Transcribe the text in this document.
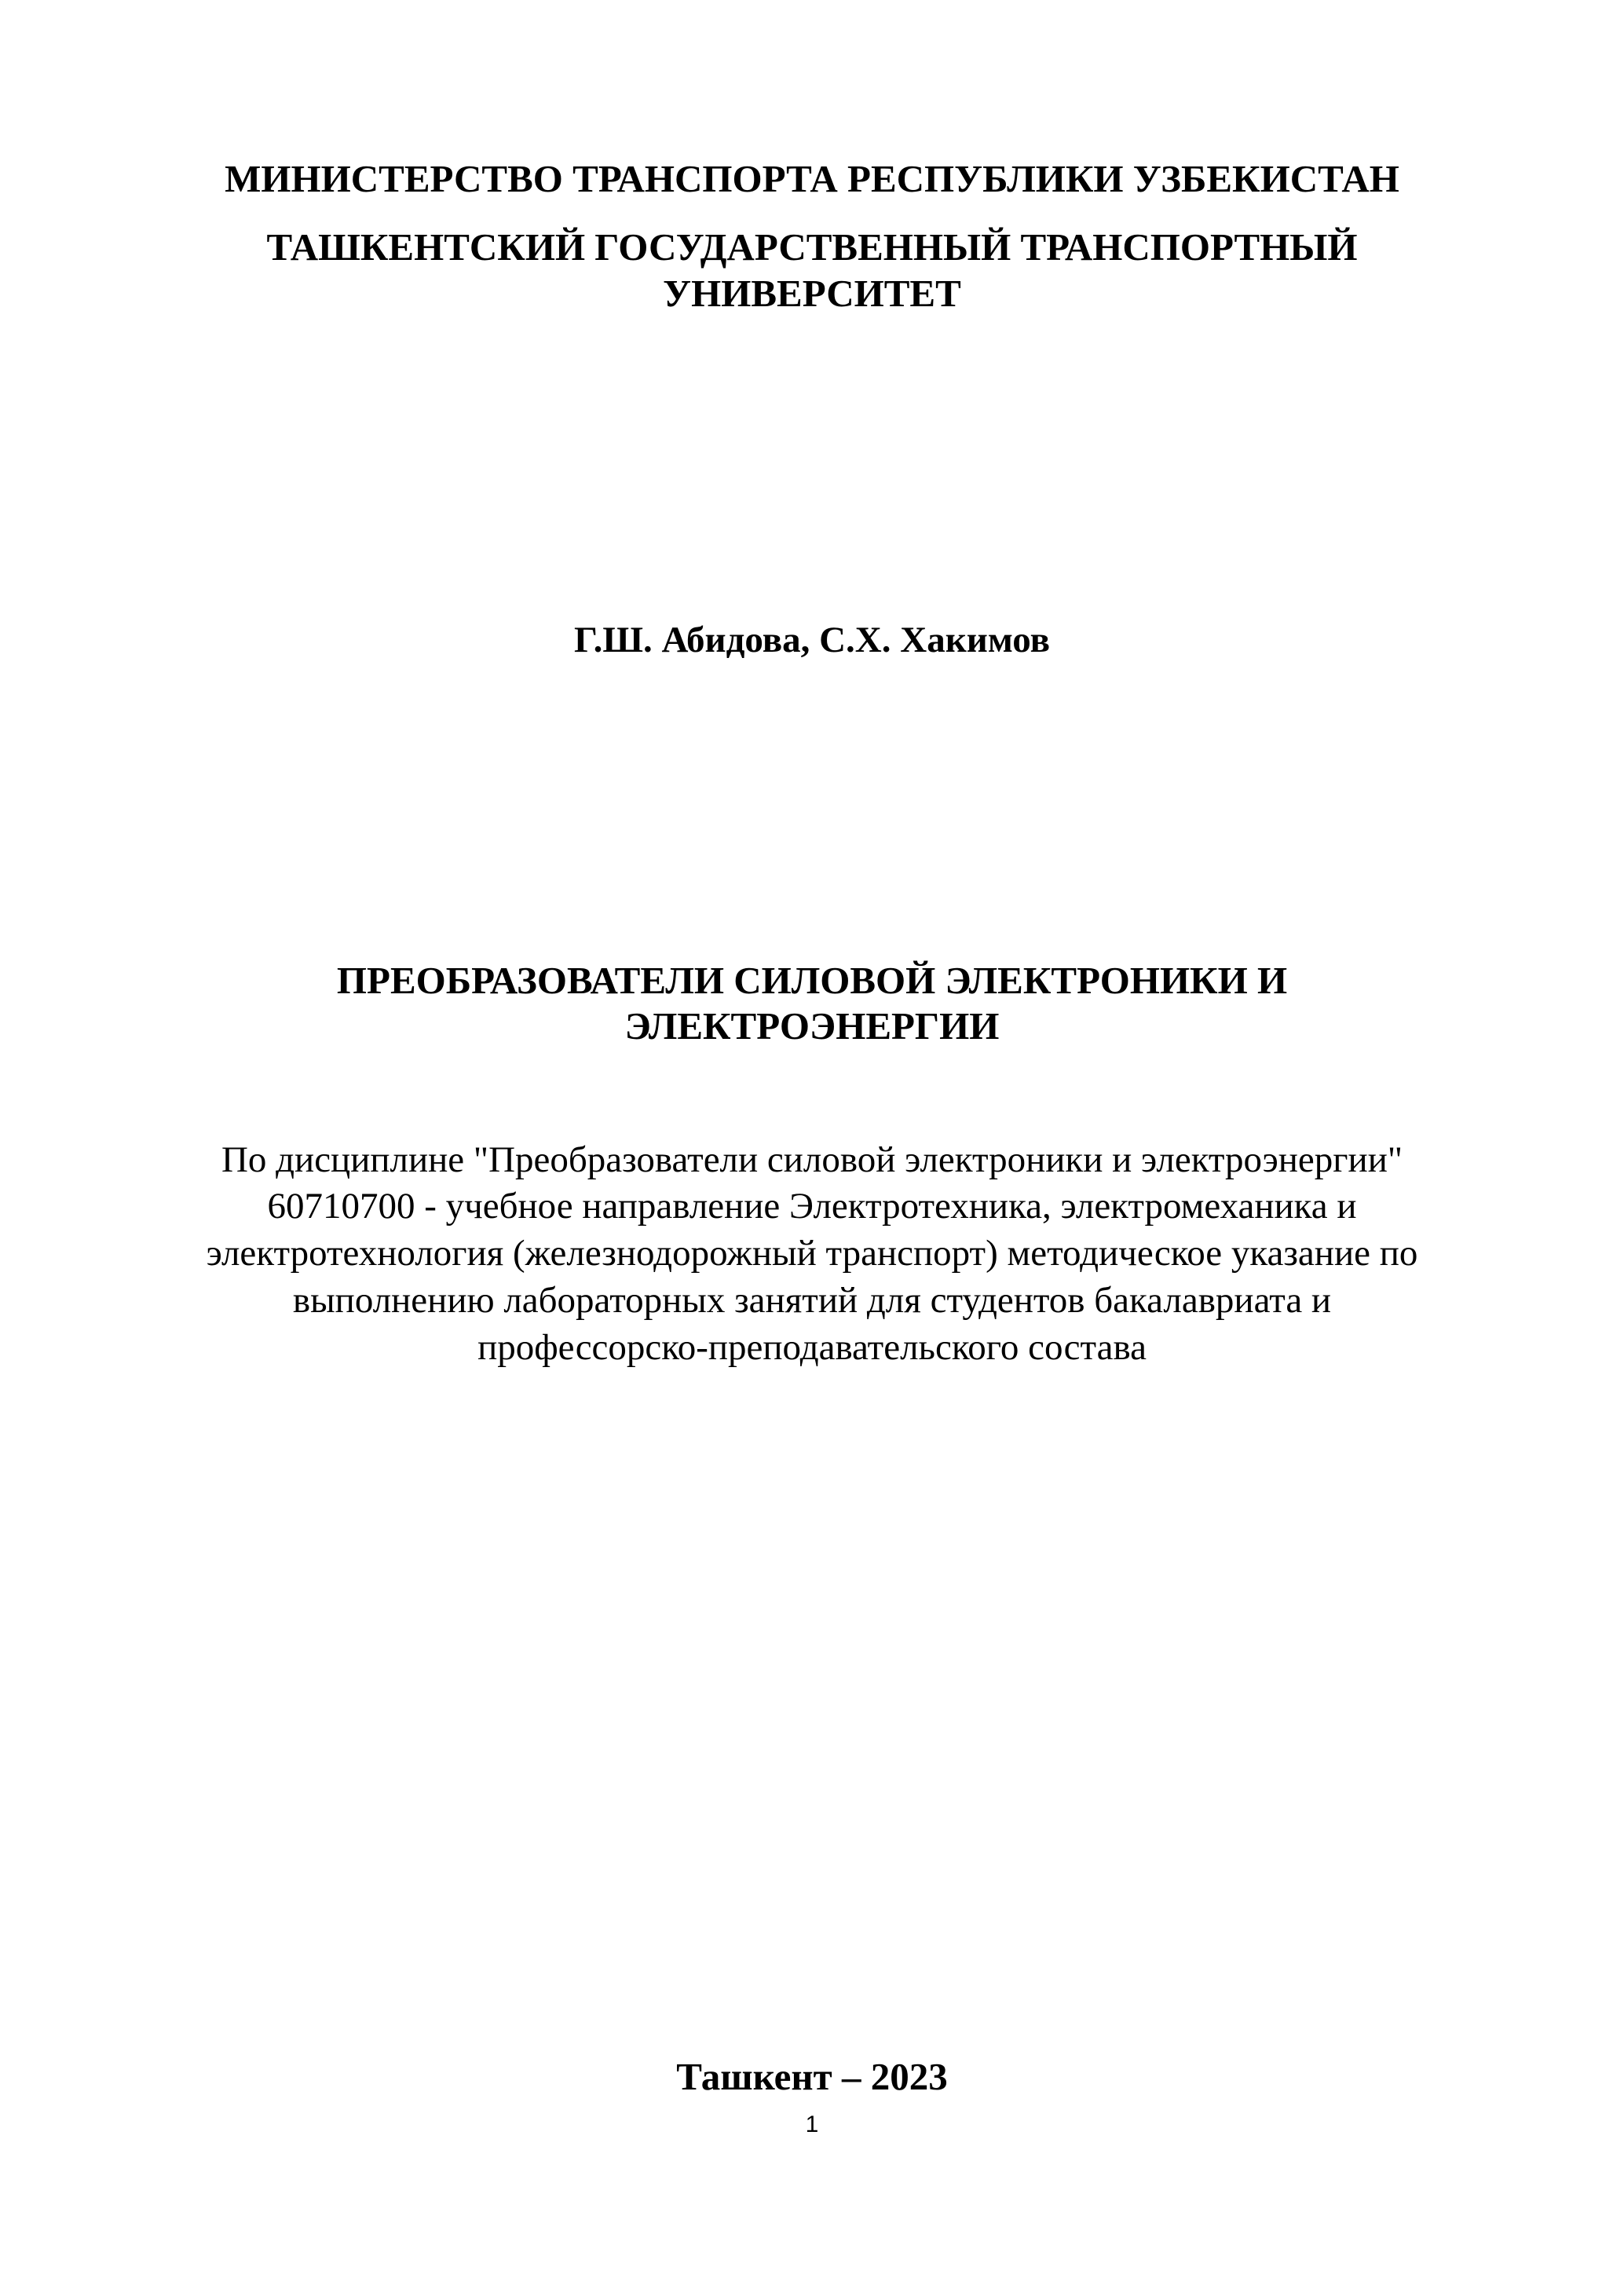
МИНИСТЕРСТВО ТРАНСПОРТА РЕСПУБЛИКИ УЗБЕКИСТАН
ТАШКЕНТСКИЙ ГОСУДАРСТВЕННЫЙ ТРАНСПОРТНЫЙ
УНИВЕРСИТЕТ
Г.Ш. Абидова, С.Х. Хакимов
ПРЕОБРАЗОВАТЕЛИ СИЛОВОЙ ЭЛЕКТРОНИКИ И
ЭЛЕКТРОЭНЕРГИИ
По дисциплине "Преобразователи силовой электроники и электроэнергии"
60710700 - учебное направление Электротехника, электромеханика и
электротехнология (железнодорожный транспорт) методическое указание по
выполнению лабораторных занятий для студентов бакалавриата и
профессорско-преподавательского состава
Ташкент – 2023
1
